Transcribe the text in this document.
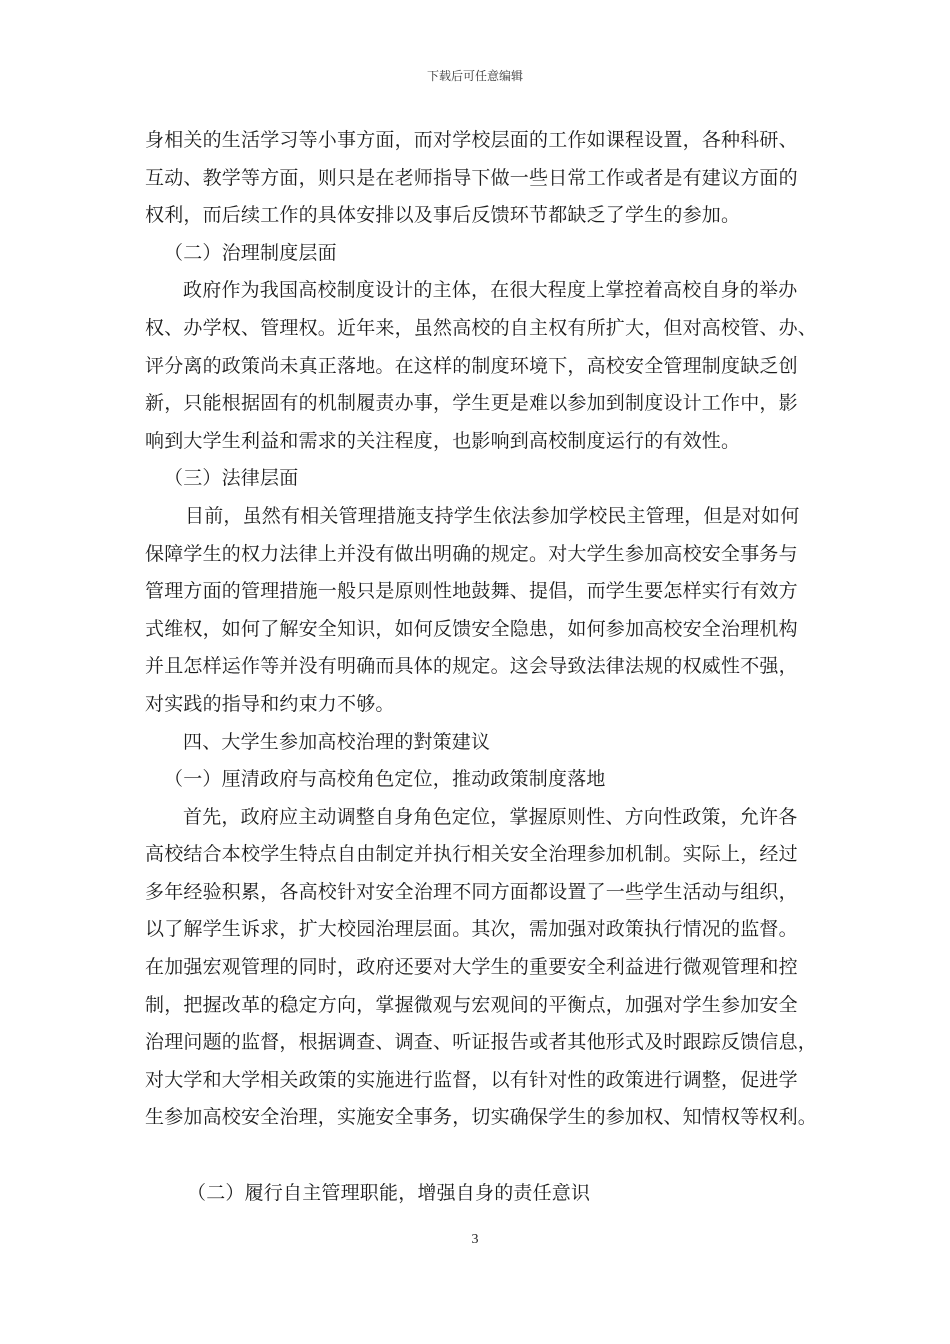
下载后可任意编辑
身相关的生活学习等小事方面，而对学校层面的工作如课程设置，各种科研、
互动、教学等方面，则只是在老师指导下做一些日常工作或者是有建议方面的
权利，而后续工作的具体安排以及事后反馈环节都缺乏了学生的参加。
（二）治理制度层面
政府作为我国高校制度设计的主体，在很大程度上掌控着高校自身的举办
权、办学权、管理权。近年来，虽然高校的自主权有所扩大，但对高校管、办、
评分离的政策尚未真正落地。在这样的制度环境下，高校安全管理制度缺乏创
新，只能根据固有的机制履责办事，学生更是难以参加到制度设计工作中，影
响到大学生利益和需求的关注程度，也影响到高校制度运行的有效性。
（三）法律层面
目前，虽然有相关管理措施支持学生依法参加学校民主管理，但是对如何
保障学生的权力法律上并没有做出明确的规定。对大学生参加高校安全事务与
管理方面的管理措施一般只是原则性地鼓舞、提倡，而学生要怎样实行有效方
式维权，如何了解安全知识，如何反馈安全隐患，如何参加高校安全治理机构
并且怎样运作等并没有明确而具体的规定。这会导致法律法规的权威性不强，
对实践的指导和约束力不够。
四、大学生参加高校治理的對策建议
（一）厘清政府与高校角色定位，推动政策制度落地
首先，政府应主动调整自身角色定位，掌握原则性、方向性政策，允许各
高校结合本校学生特点自由制定并执行相关安全治理参加机制。实际上，经过
多年经验积累，各高校针对安全治理不同方面都设置了一些学生活动与组织，
以了解学生诉求，扩大校园治理层面。其次，需加强对政策执行情况的监督。
在加强宏观管理的同时，政府还要对大学生的重要安全利益进行微观管理和控
制，把握改革的稳定方向，掌握微观与宏观间的平衡点，加强对学生参加安全
治理问题的监督，根据调查、调查、听证报告或者其他形式及时跟踪反馈信息，
对大学和大学相关政策的实施进行监督，以有针对性的政策进行调整，促进学
生参加高校安全治理，实施安全事务，切实确保学生的参加权、知情权等权利。
（二）履行自主管理职能，增强自身的责任意识
3
